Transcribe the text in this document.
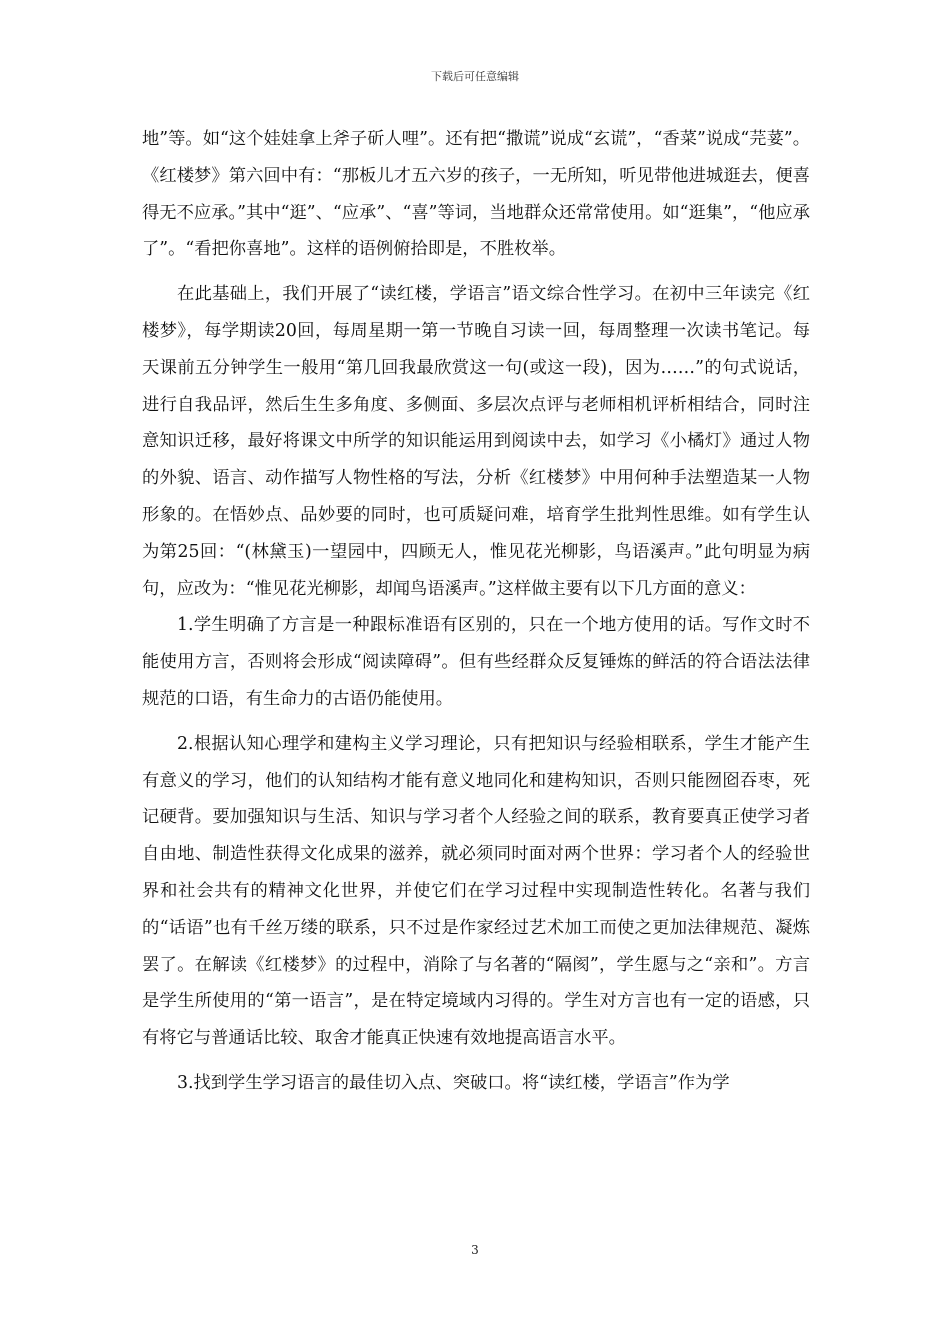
下载后可任意编辑

地”等。如“这个娃娃拿上斧子斫人哩”。还有把“撒谎”说成“玄谎”，“香菜”说成“芫荽”。《红楼梦》第六回中有：“那板儿才五六岁的孩子，一无所知，听见带他进城逛去，便喜得无不应承。”其中“逛”、“应承”、“喜”等词，当地群众还常常使用。如“逛集”，“他应承了”。“看把你喜地”。这样的语例俯拾即是，不胜枚举。

在此基础上，我们开展了“读红楼，学语言”语文综合性学习。在初中三年读完《红楼梦》，每学期读20回，每周星期一第一节晚自习读一回，每周整理一次读书笔记。每天课前五分钟学生一般用“第几回我最欣赏这一句(或这一段)，因为……”的句式说话，进行自我品评，然后生生多角度、多侧面、多层次点评与老师相机评析相结合，同时注意知识迁移，最好将课文中所学的知识能运用到阅读中去，如学习《小橘灯》通过人物的外貌、语言、动作描写人物性格的写法，分析《红楼梦》中用何种手法塑造某一人物形象的。在悟妙点、品妙要的同时，也可质疑问难，培育学生批判性思维。如有学生认为第25回：“(林黛玉)一望园中，四顾无人，惟见花光柳影，鸟语溪声。”此句明显为病句，应改为：“惟见花光柳影，却闻鸟语溪声。”这样做主要有以下几方面的意义：

1.学生明确了方言是一种跟标准语有区别的，只在一个地方使用的话。写作文时不能使用方言，否则将会形成“阅读障碍”。但有些经群众反复锤炼的鲜活的符合语法法律规范的口语，有生命力的古语仍能使用。

2.根据认知心理学和建构主义学习理论，只有把知识与经验相联系，学生才能产生有意义的学习，他们的认知结构才能有意义地同化和建构知识，否则只能囫囵吞枣，死记硬背。要加强知识与生活、知识与学习者个人经验之间的联系，教育要真正使学习者自由地、制造性获得文化成果的滋养，就必须同时面对两个世界：学习者个人的经验世界和社会共有的精神文化世界，并使它们在学习过程中实现制造性转化。名著与我们的“话语”也有千丝万缕的联系，只不过是作家经过艺术加工而使之更加法律规范、凝炼罢了。在解读《红楼梦》的过程中，消除了与名著的“隔阂”，学生愿与之“亲和”。方言是学生所使用的“第一语言”，是在特定境域内习得的。学生对方言也有一定的语感，只有将它与普通话比较、取舍才能真正快速有效地提高语言水平。

3.找到学生学习语言的最佳切入点、突破口。将“读红楼，学语言”作为学

3
